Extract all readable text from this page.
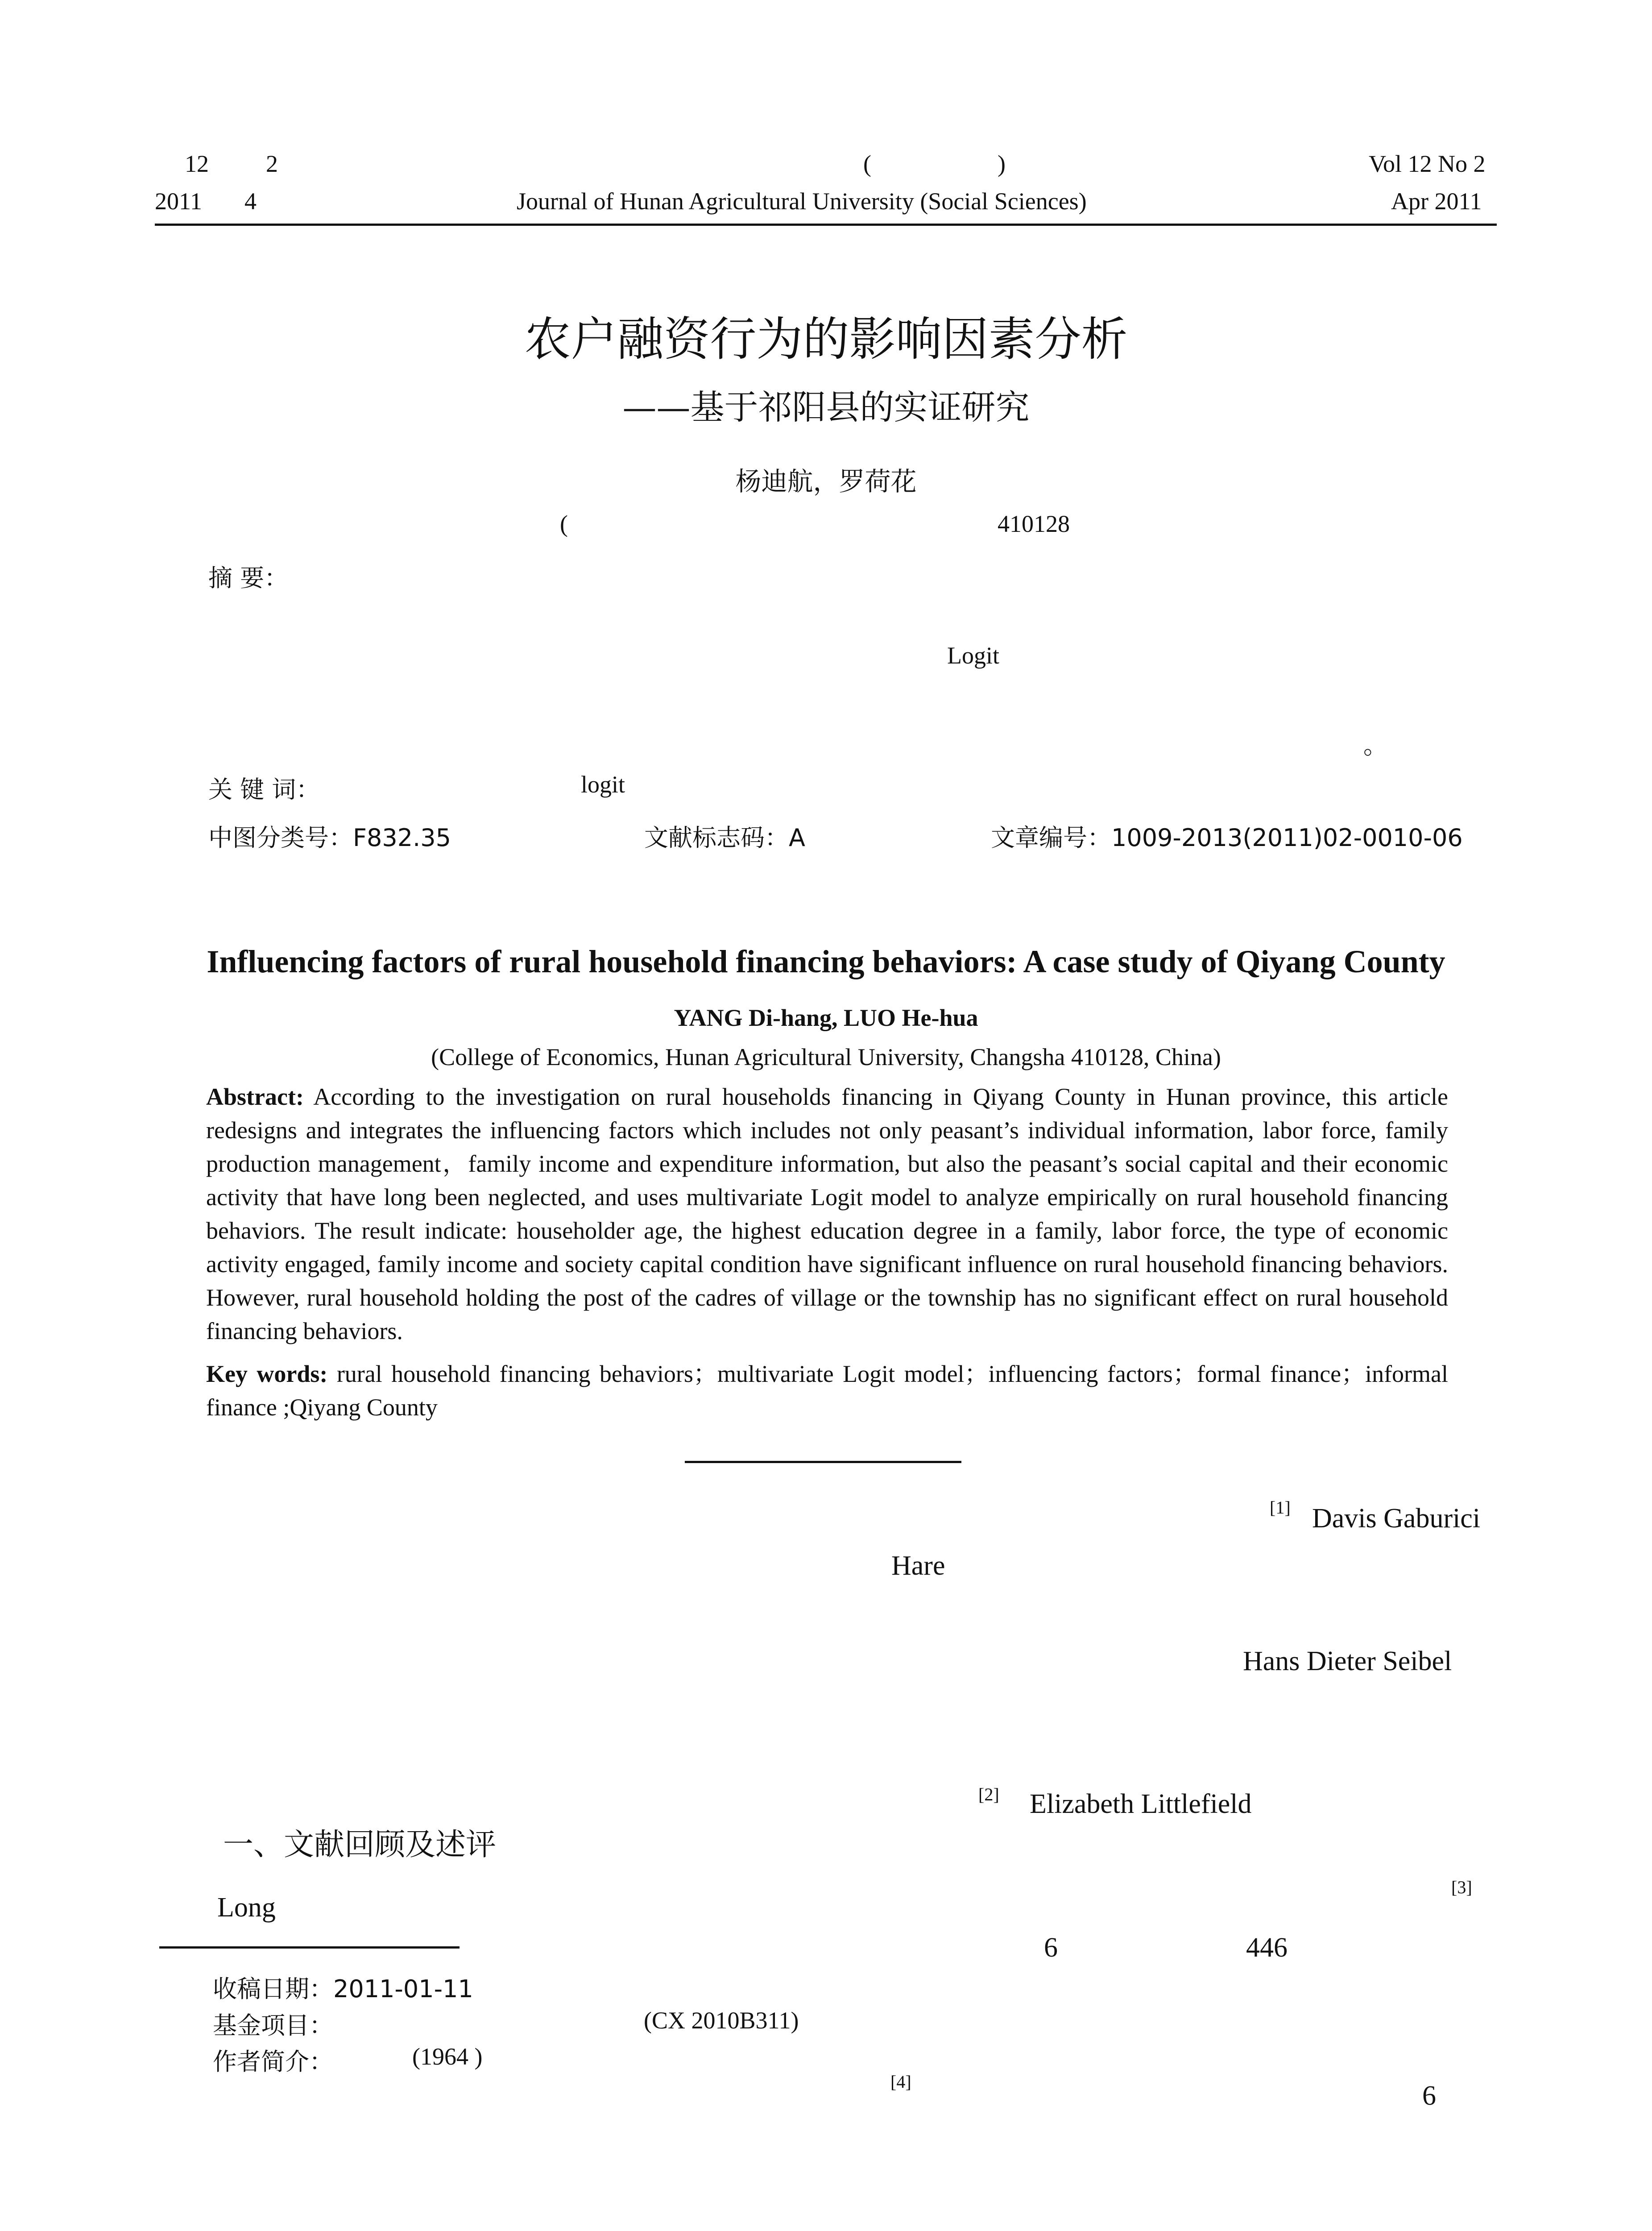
12 2	(	)	Vol 12 No 2
2011 4	Journal of Hunan Agricultural University (Social Sciences)	Apr 2011
农户融资行为的影响因素分析
——基于祁阳县的实证研究
杨迪航，罗荷花
(	410128
摘 要：
Logit
。
关 键 词：	logit
中图分类号：F832.35	文献标志码：A	文章编号：1009-2013(2011)02-0010-06
Influencing factors of rural household financing behaviors: A case study of Qiyang County
YANG Di-hang, LUO He-hua
(College of Economics, Hunan Agricultural University, Changsha 410128, China)
Abstract: According to the investigation on rural households financing in Qiyang County in Hunan province, this article redesigns and integrates the influencing factors which includes not only peasant’s individual information, labor force, family production management，family income and expenditure information, but also the peasant’s social capital and their economic activity that have long been neglected, and uses multivariate Logit model to analyze empirically on rural household financing behaviors. The result indicate: householder age, the highest education degree in a family, labor force, the type of economic activity engaged, family income and society capital condition have significant influence on rural household financing behaviors. However, rural household holding the post of the cadres of village or the township has no significant effect on rural household financing behaviors.
Key words: rural household financing behaviors；multivariate Logit model；influencing factors；formal finance；informal finance ;Qiyang County
[1] Davis Gaburici
Hare
Hans Dieter Seibel
[2] Elizabeth Littlefield
一、文献回顾及述评
[3]
Long
6	446
[4]	6
收稿日期：2011-01-11
基金项目：	(CX 2010B311)
作者简介：	(1964 )
